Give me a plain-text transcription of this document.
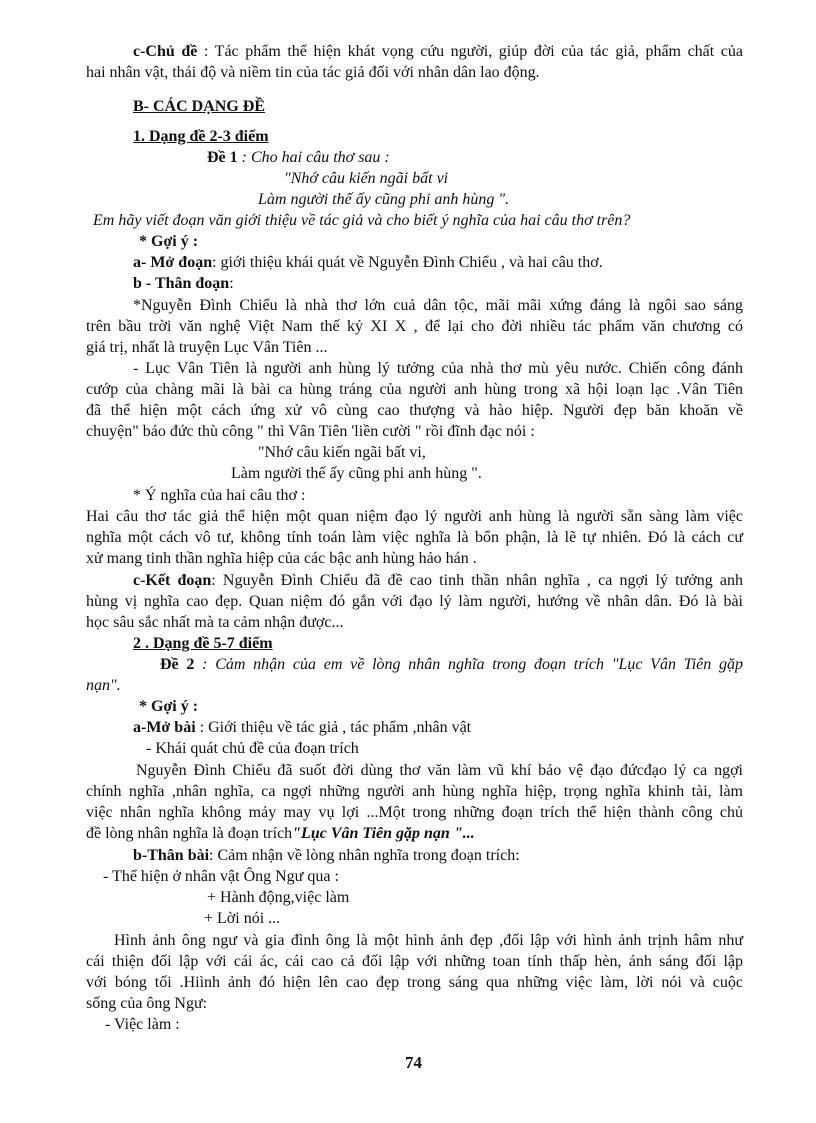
c-Chủ đề : Tác phẩm thể hiện khát vọng cứu người, giúp đời của tác giả, phẩm chất của
hai nhân vật, thái độ và niềm tin của tác giả đối với nhân dân lao động.
B- CÁC DẠNG ĐỀ
1. Dạng đề 2-3 điểm
Đề 1 : Cho hai câu thơ sau :
"Nhớ câu kiến ngãi bất vi
Làm người thế ấy cũng phi anh hùng ".
Em hãy viết đoạn văn giới thiệu về tác giả và cho biết ý nghĩa của hai câu thơ trên?
* Gợi ý :
a- Mở đoạn: giới thiệu khái quát về Nguyễn Đình Chiểu , và hai câu thơ.
b - Thân đoạn:
*Nguyễn Đình Chiểu là nhà thơ lớn cuả dân tộc, mãi mãi xứng đáng là ngôi sao sáng
trên bầu trời văn nghệ Việt Nam thế kỷ XI X , để lại cho đời nhiều tác phẩm văn chương có
giá trị, nhất là truyện Lục Vân Tiên ...
- Lục Vân Tiên là người anh hùng lý tưởng của nhà thơ mù yêu nước. Chiến công đánh
cướp của chàng mãi là bài ca hùng tráng của người anh hùng trong xã hội loạn lạc .Vân Tiên
đã thể hiện một cách ứng xử vô cùng cao thượng và hào hiệp. Người đẹp băn khoăn về
chuyện" báo đức thù công " thì Vân Tiên 'liền cười " rồi đĩnh đạc nói :
"Nhớ câu kiến ngãi bất vi,
Làm người thế ấy cũng phi anh hùng ".
* Ý nghĩa của hai câu thơ :
Hai câu thơ tác giả thể hiện một quan niệm đạo lý người anh hùng là người sẵn sàng làm việc
nghĩa một cách vô tư, không tính toán làm việc nghĩa là bổn phận, là lẽ tự nhiên. Đó là cách cư
xử mang tinh thần nghĩa hiệp của các bậc anh hùng hảo hán .
c-Kết đoạn: Nguyễn Đình Chiểu đã đề cao tinh thần nhân nghĩa , ca ngợi lý tưởng anh
hùng vị nghĩa cao đẹp. Quan niệm đó gắn với đạo lý làm người, hướng về nhân dân. Đó là bài
học sâu sắc nhất mà ta cảm nhận được...
2 . Dạng đề 5-7 điểm
Đề 2 : Cảm nhận của em về lòng nhân nghĩa trong đoạn trích "Lục Vân Tiên gặp
nạn".
* Gợi ý :
a-Mở bài : Giới thiệu về tác giả , tác phẩm ,nhân vật
- Khái quát chủ đề của đoạn trích
Nguyễn Đình Chiểu đã suốt đời dùng thơ văn làm vũ khí bảo vệ đạo đứcđạo lý ca ngợi
chính nghĩa ,nhân nghĩa, ca ngợi những người anh hùng nghĩa hiệp, trọng nghĩa khinh tài, làm
việc nhân nghĩa không mảy may vụ lợi ...Một trong những đoạn trích thể hiện thành công chủ
đề lòng nhân nghĩa là đoạn trích"Lục Vân Tiên gặp nạn "...
b-Thân bài: Cảm nhận về lòng nhân nghĩa trong đoạn trích:
- Thể hiện ở nhân vật Ông Ngư qua :
+ Hành động,việc làm
+ Lời nói ...
Hình ảnh ông ngư và gia đình ông là một hình ảnh đẹp ,đối lập với hình ảnh trịnh hâm như
cái thiện đối lập với cái ác, cái cao cả đối lập với những toan tính thấp hèn, ánh sáng đối lập
với bóng tối .Hiình ảnh đó hiện lên cao đẹp trong sáng qua những việc làm, lời nói và cuộc
sống của ông Ngư:
- Việc làm :
74
